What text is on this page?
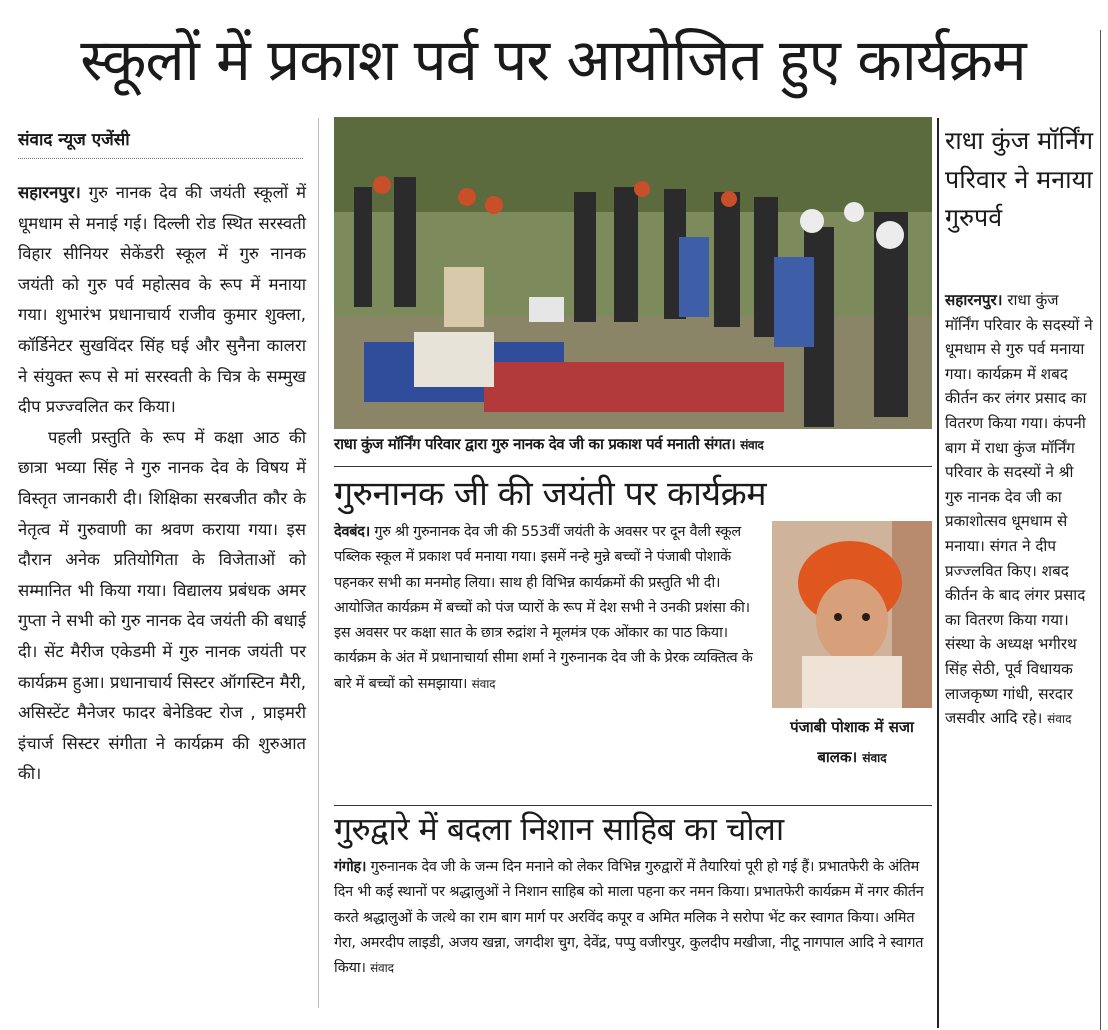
स्कूलों में प्रकाश पर्व पर आयोजित हुए कार्यक्रम
संवाद न्यूज एजेंसी

सहारनपुर। गुरु नानक देव की जयंती स्कूलों में धूमधाम से मनाई गई। दिल्ली रोड स्थित सरस्वती विहार सीनियर सेकेंडरी स्कूल में गुरु नानक जयंती को गुरु पर्व महोत्सव के रूप में मनाया गया। शुभारंभ प्रधानाचार्य राजीव कुमार शुक्ला, कॉर्डिनेटर सुखविंदर सिंह घई और सुनैना कालरा ने संयुक्त रूप से मां सरस्वती के चित्र के सम्मुख दीप प्रज्ज्वलित कर किया।

पहली प्रस्तुति के रूप में कक्षा आठ की छात्रा भव्या सिंह ने गुरु नानक देव के विषय में विस्तृत जानकारी दी। शिक्षिका सरबजीत कौर के नेतृत्व में गुरुवाणी का श्रवण कराया गया। इस दौरान अनेक प्रतियोगिता के विजेताओं को सम्मानित भी किया गया। विद्यालय प्रबंधक अमर गुप्ता ने सभी को गुरु नानक देव जयंती की बधाई दी। सेंट मैरीज एकेडमी में गुरु नानक जयंती पर कार्यक्रम हुआ। प्रधानाचार्य सिस्टर ऑगस्टिन मैरी, असिस्टेंट मैनेजर फादर बेनेडिक्ट रोज , प्राइमरी इंचार्ज सिस्टर संगीता ने कार्यक्रम की शुरुआत की।

राधा कुंज मॉर्निंग परिवार द्वारा गुरु नानक देव जी का प्रकाश पर्व मनाती संगत। संवाद
गुरुनानक जी की जयंती पर कार्यक्रम
देवबंद। गुरु श्री गुरुनानक देव जी की 553वीं जयंती के अवसर पर दून वैली स्कूल पब्लिक स्कूल में प्रकाश पर्व मनाया गया। इसमें नन्हे मुन्ने बच्चों ने पंजाबी पोशाकें पहनकर सभी का मनमोह लिया। साथ ही विभिन्न कार्यक्रमों की प्रस्तुति भी दी। आयोजित कार्यक्रम में बच्चों को पंज प्यारों के रूप में देश सभी ने उनकी प्रशंसा की। इस अवसर पर कक्षा सात के छात्र रुद्रांश ने मूलमंत्र एक ओंकार का पाठ किया।कार्यक्रम के अंत में प्रधानाचार्या सीमा शर्मा ने गुरुनानक देव जी के प्रेरक व्यक्तित्व के बारे में बच्चों को समझाया। संवाद
पंजाबी पोशाक में सजा बालक। संवाद
गुरुद्वारे में बदला निशान साहिब का चोला
गंगोह। गुरुनानक देव जी के जन्म दिन मनाने को लेकर विभिन्न गुरुद्वारों में तैयारियां पूरी हो गई हैं। प्रभातफेरी के अंतिम दिन भी कई स्थानों पर श्रद्धालुओं ने निशान साहिब को माला पहना कर नमन किया। प्रभातफेरी कार्यक्रम में नगर कीर्तन करते श्रद्धालुओं के जत्थे का राम बाग मार्ग पर अरविंद कपूर व अमित मलिक ने सरोपा भेंट कर स्वागत किया। अमित गेरा, अमरदीप लाइडी, अजय खन्ना, जगदीश चुग, देवेंद्र, पप्पु वजीरपुर, कुलदीप मखीजा, नीटू नागपाल आदि ने स्वागत किया। संवाद
राधा कुंज मॉर्निंग परिवार ने मनाया गुरुपर्व
सहारनपुर। राधा कुंज मॉर्निंग परिवार के सदस्यों ने धूमधाम से गुरु पर्व मनाया गया। कार्यक्रम में शबद कीर्तन कर लंगर प्रसाद का वितरण किया गया। कंपनी बाग में राधा कुंज मॉर्निंग परिवार के सदस्यों ने श्री गुरु नानक देव जी का प्रकाशोत्सव धूमधाम से मनाया। संगत ने दीप प्रज्ज्लवित किए। शबद कीर्तन के बाद लंगर प्रसाद का वितरण किया गया। संस्था के अध्यक्ष भगीरथ सिंह सेठी, पूर्व विधायक लाजकृष्ण गांधी, सरदार जसवीर आदि रहे। संवाद
